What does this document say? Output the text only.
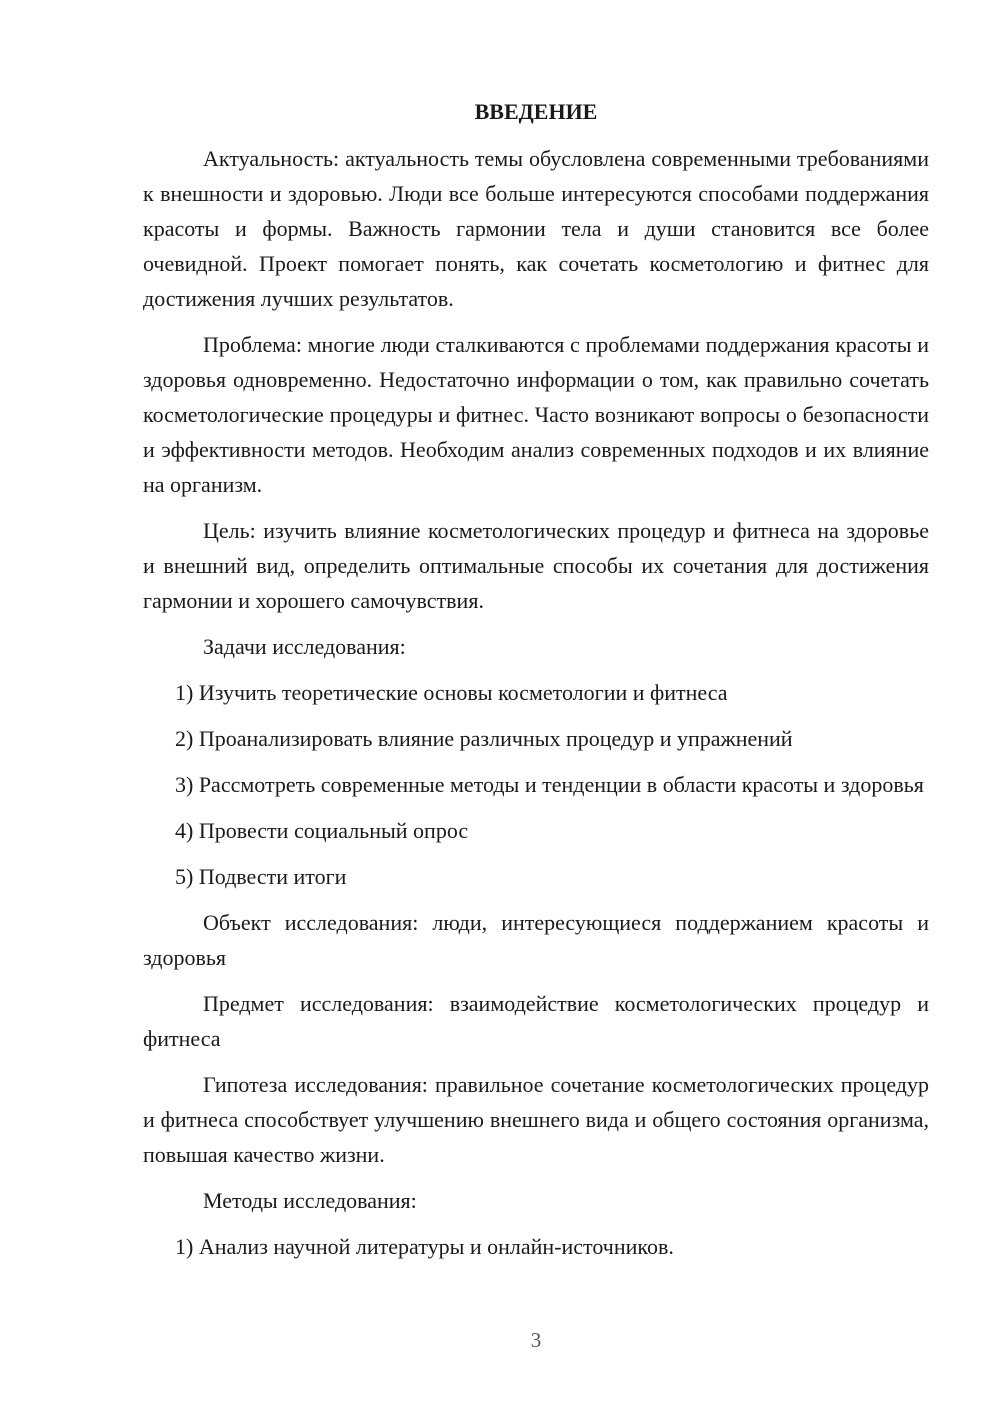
ВВЕДЕНИЕ

Актуальность: актуальность темы обусловлена современными требованиями к внешности и здоровью. Люди все больше интересуются способами поддержания красоты и формы. Важность гармонии тела и души становится все более очевидной. Проект помогает понять, как сочетать косметологию и фитнес для достижения лучших результатов.

Проблема: многие люди сталкиваются с проблемами поддержания красоты и здоровья одновременно. Недостаточно информации о том, как правильно сочетать косметологические процедуры и фитнес. Часто возникают вопросы о безопасности и эффективности методов. Необходим анализ современных подходов и их влияние на организм.

Цель: изучить влияние косметологических процедур и фитнеса на здоровье и внешний вид, определить оптимальные способы их сочетания для достижения гармонии и хорошего самочувствия.

Задачи исследования:

1) Изучить теоретические основы косметологии и фитнеса

2) Проанализировать влияние различных процедур и упражнений

3) Рассмотреть современные методы и тенденции в области красоты и здоровья

4) Провести социальный опрос

5) Подвести итоги

Объект исследования: люди, интересующиеся поддержанием красоты и здоровья

Предмет исследования: взаимодействие косметологических процедур и фитнеса

Гипотеза исследования: правильное сочетание косметологических процедур и фитнеса способствует улучшению внешнего вида и общего состояния организма, повышая качество жизни.

Методы исследования:

1) Анализ научной литературы и онлайн-источников.

3
